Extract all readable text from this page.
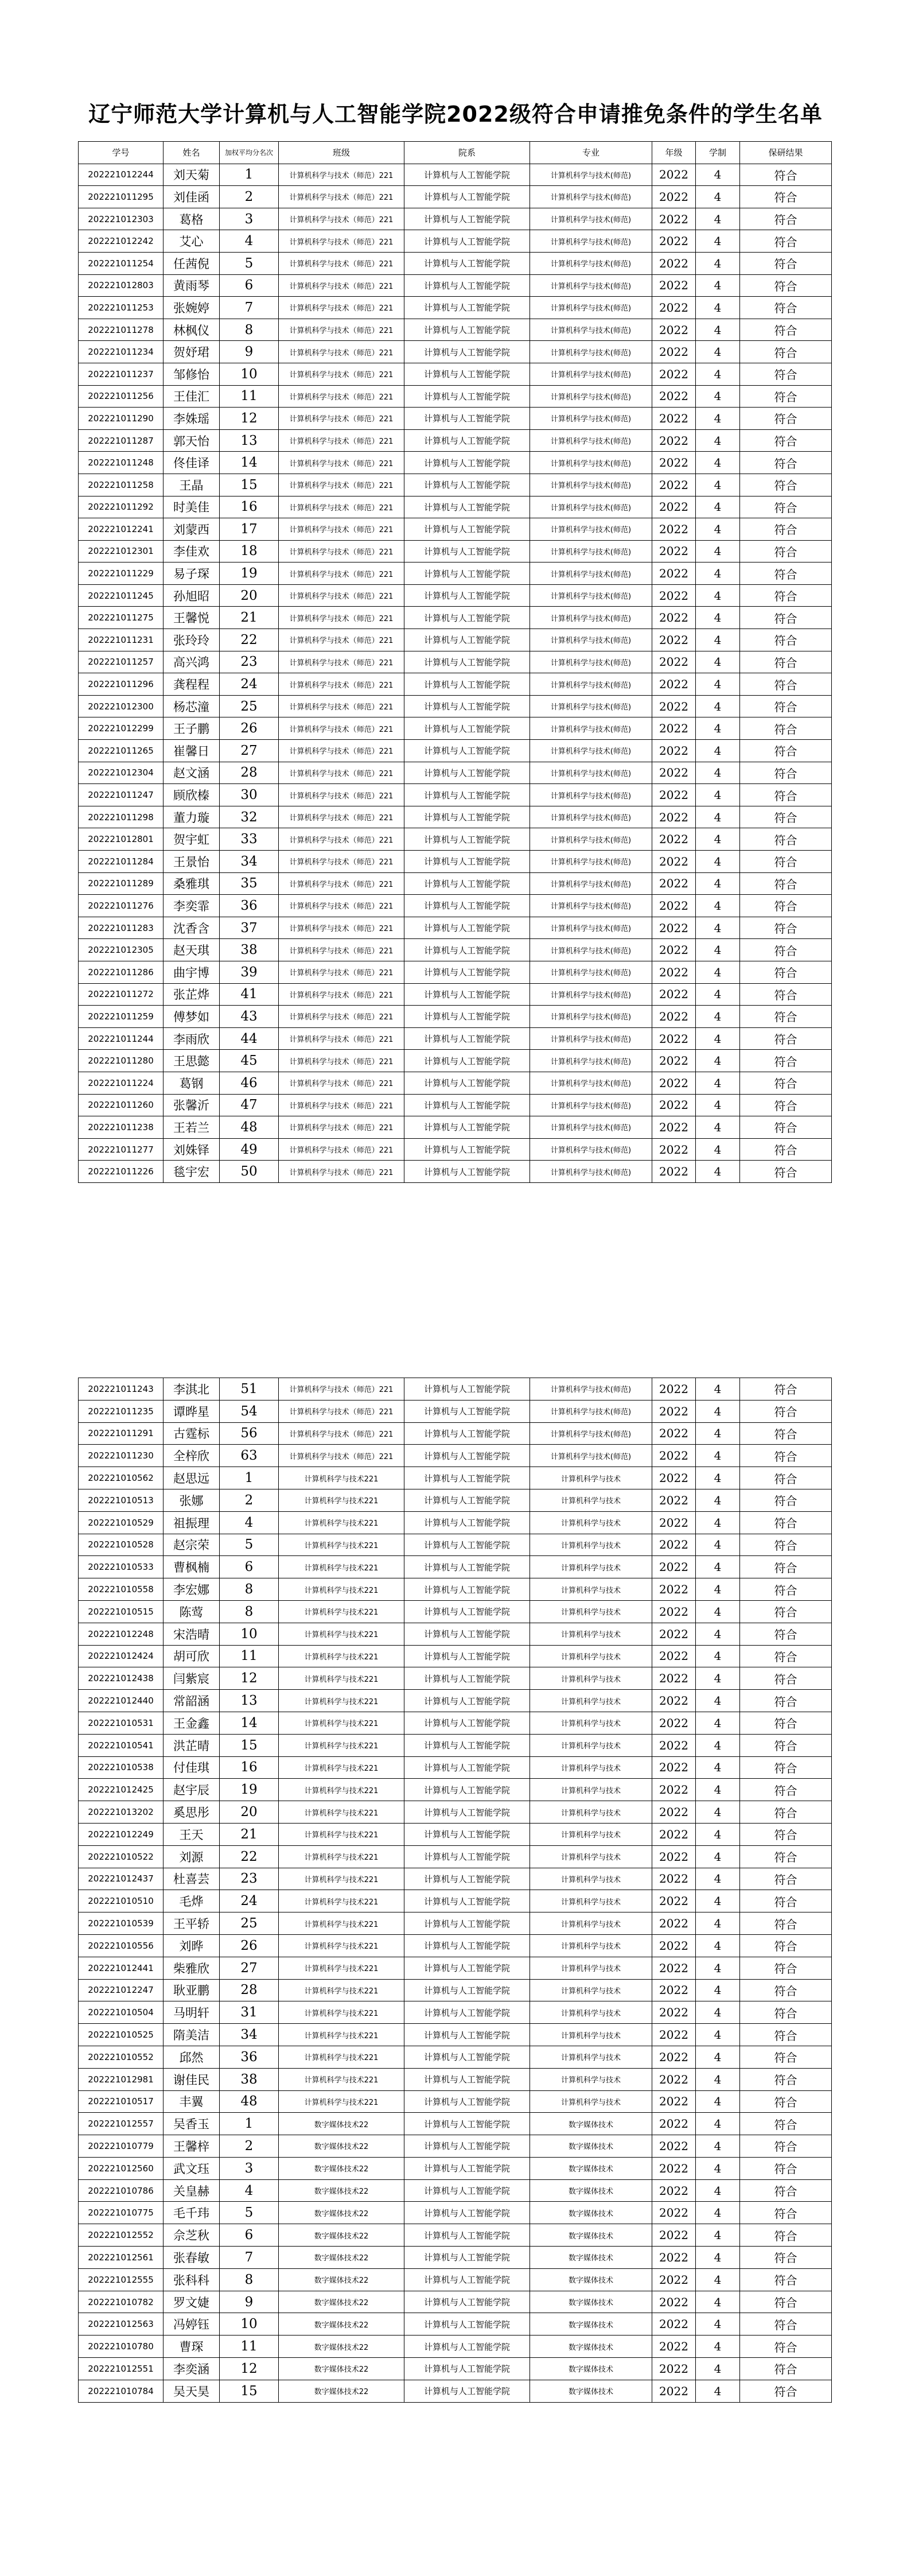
辽宁师范大学计算机与人工智能学院2022级符合申请推免条件的学生名单
学号	姓名	加权平均分名次	班级	院系	专业	年级	学制	保研结果
202221012244	刘天菊	1	计算机科学与技术（师范）221	计算机与人工智能学院	计算机科学与技术(师范)	2022	4	符合
202221011295	刘佳函	2	计算机科学与技术（师范）221	计算机与人工智能学院	计算机科学与技术(师范)	2022	4	符合
202221012303	葛格	3	计算机科学与技术（师范）221	计算机与人工智能学院	计算机科学与技术(师范)	2022	4	符合
202221012242	艾心	4	计算机科学与技术（师范）221	计算机与人工智能学院	计算机科学与技术(师范)	2022	4	符合
202221011254	任茜倪	5	计算机科学与技术（师范）221	计算机与人工智能学院	计算机科学与技术(师范)	2022	4	符合
202221012803	黄雨琴	6	计算机科学与技术（师范）221	计算机与人工智能学院	计算机科学与技术(师范)	2022	4	符合
202221011253	张婉婷	7	计算机科学与技术（师范）221	计算机与人工智能学院	计算机科学与技术(师范)	2022	4	符合
202221011278	林枫仪	8	计算机科学与技术（师范）221	计算机与人工智能学院	计算机科学与技术(师范)	2022	4	符合
202221011234	贺妤珺	9	计算机科学与技术（师范）221	计算机与人工智能学院	计算机科学与技术(师范)	2022	4	符合
202221011237	邹修怡	10	计算机科学与技术（师范）221	计算机与人工智能学院	计算机科学与技术(师范)	2022	4	符合
202221011256	王佳汇	11	计算机科学与技术（师范）221	计算机与人工智能学院	计算机科学与技术(师范)	2022	4	符合
202221011290	李姝瑶	12	计算机科学与技术（师范）221	计算机与人工智能学院	计算机科学与技术(师范)	2022	4	符合
202221011287	郭天怡	13	计算机科学与技术（师范）221	计算机与人工智能学院	计算机科学与技术(师范)	2022	4	符合
202221011248	佟佳译	14	计算机科学与技术（师范）221	计算机与人工智能学院	计算机科学与技术(师范)	2022	4	符合
202221011258	王晶	15	计算机科学与技术（师范）221	计算机与人工智能学院	计算机科学与技术(师范)	2022	4	符合
202221011292	时美佳	16	计算机科学与技术（师范）221	计算机与人工智能学院	计算机科学与技术(师范)	2022	4	符合
202221012241	刘蒙西	17	计算机科学与技术（师范）221	计算机与人工智能学院	计算机科学与技术(师范)	2022	4	符合
202221012301	李佳欢	18	计算机科学与技术（师范）221	计算机与人工智能学院	计算机科学与技术(师范)	2022	4	符合
202221011229	易子琛	19	计算机科学与技术（师范）221	计算机与人工智能学院	计算机科学与技术(师范)	2022	4	符合
202221011245	孙旭昭	20	计算机科学与技术（师范）221	计算机与人工智能学院	计算机科学与技术(师范)	2022	4	符合
202221011275	王馨悦	21	计算机科学与技术（师范）221	计算机与人工智能学院	计算机科学与技术(师范)	2022	4	符合
202221011231	张玲玲	22	计算机科学与技术（师范）221	计算机与人工智能学院	计算机科学与技术(师范)	2022	4	符合
202221011257	高兴鸿	23	计算机科学与技术（师范）221	计算机与人工智能学院	计算机科学与技术(师范)	2022	4	符合
202221011296	龚程程	24	计算机科学与技术（师范）221	计算机与人工智能学院	计算机科学与技术(师范)	2022	4	符合
202221012300	杨芯潼	25	计算机科学与技术（师范）221	计算机与人工智能学院	计算机科学与技术(师范)	2022	4	符合
202221012299	王子鹏	26	计算机科学与技术（师范）221	计算机与人工智能学院	计算机科学与技术(师范)	2022	4	符合
202221011265	崔馨日	27	计算机科学与技术（师范）221	计算机与人工智能学院	计算机科学与技术(师范)	2022	4	符合
202221012304	赵文涵	28	计算机科学与技术（师范）221	计算机与人工智能学院	计算机科学与技术(师范)	2022	4	符合
202221011247	顾欣榛	30	计算机科学与技术（师范）221	计算机与人工智能学院	计算机科学与技术(师范)	2022	4	符合
202221011298	董力璇	32	计算机科学与技术（师范）221	计算机与人工智能学院	计算机科学与技术(师范)	2022	4	符合
202221012801	贺宇虹	33	计算机科学与技术（师范）221	计算机与人工智能学院	计算机科学与技术(师范)	2022	4	符合
202221011284	王景怡	34	计算机科学与技术（师范）221	计算机与人工智能学院	计算机科学与技术(师范)	2022	4	符合
202221011289	桑雅琪	35	计算机科学与技术（师范）221	计算机与人工智能学院	计算机科学与技术(师范)	2022	4	符合
202221011276	李奕霏	36	计算机科学与技术（师范）221	计算机与人工智能学院	计算机科学与技术(师范)	2022	4	符合
202221011283	沈香含	37	计算机科学与技术（师范）221	计算机与人工智能学院	计算机科学与技术(师范)	2022	4	符合
202221012305	赵天琪	38	计算机科学与技术（师范）221	计算机与人工智能学院	计算机科学与技术(师范)	2022	4	符合
202221011286	曲宇博	39	计算机科学与技术（师范）221	计算机与人工智能学院	计算机科学与技术(师范)	2022	4	符合
202221011272	张芷烨	41	计算机科学与技术（师范）221	计算机与人工智能学院	计算机科学与技术(师范)	2022	4	符合
202221011259	傅梦如	43	计算机科学与技术（师范）221	计算机与人工智能学院	计算机科学与技术(师范)	2022	4	符合
202221011244	李雨欣	44	计算机科学与技术（师范）221	计算机与人工智能学院	计算机科学与技术(师范)	2022	4	符合
202221011280	王思懿	45	计算机科学与技术（师范）221	计算机与人工智能学院	计算机科学与技术(师范)	2022	4	符合
202221011224	葛钢	46	计算机科学与技术（师范）221	计算机与人工智能学院	计算机科学与技术(师范)	2022	4	符合
202221011260	张馨沂	47	计算机科学与技术（师范）221	计算机与人工智能学院	计算机科学与技术(师范)	2022	4	符合
202221011238	王若兰	48	计算机科学与技术（师范）221	计算机与人工智能学院	计算机科学与技术(师范)	2022	4	符合
202221011277	刘姝铎	49	计算机科学与技术（师范）221	计算机与人工智能学院	计算机科学与技术(师范)	2022	4	符合
202221011226	毯宇宏	50	计算机科学与技术（师范）221	计算机与人工智能学院	计算机科学与技术(师范)	2022	4	符合
202221011243	李淇北	51	计算机科学与技术（师范）221	计算机与人工智能学院	计算机科学与技术(师范)	2022	4	符合
202221011235	谭晔星	54	计算机科学与技术（师范）221	计算机与人工智能学院	计算机科学与技术(师范)	2022	4	符合
202221011291	古霆标	56	计算机科学与技术（师范）221	计算机与人工智能学院	计算机科学与技术(师范)	2022	4	符合
202221011230	全梓欣	63	计算机科学与技术（师范）221	计算机与人工智能学院	计算机科学与技术(师范)	2022	4	符合
202221010562	赵思远	1	计算机科学与技术221	计算机与人工智能学院	计算机科学与技术	2022	4	符合
202221010513	张娜	2	计算机科学与技术221	计算机与人工智能学院	计算机科学与技术	2022	4	符合
202221010529	祖振理	4	计算机科学与技术221	计算机与人工智能学院	计算机科学与技术	2022	4	符合
202221010528	赵宗荣	5	计算机科学与技术221	计算机与人工智能学院	计算机科学与技术	2022	4	符合
202221010533	曹枫楠	6	计算机科学与技术221	计算机与人工智能学院	计算机科学与技术	2022	4	符合
202221010558	李宏娜	8	计算机科学与技术221	计算机与人工智能学院	计算机科学与技术	2022	4	符合
202221010515	陈莺	8	计算机科学与技术221	计算机与人工智能学院	计算机科学与技术	2022	4	符合
202221012248	宋浩晴	10	计算机科学与技术221	计算机与人工智能学院	计算机科学与技术	2022	4	符合
202221012424	胡可欣	11	计算机科学与技术221	计算机与人工智能学院	计算机科学与技术	2022	4	符合
202221012438	闫紫宸	12	计算机科学与技术221	计算机与人工智能学院	计算机科学与技术	2022	4	符合
202221012440	常韶涵	13	计算机科学与技术221	计算机与人工智能学院	计算机科学与技术	2022	4	符合
202221010531	王金鑫	14	计算机科学与技术221	计算机与人工智能学院	计算机科学与技术	2022	4	符合
202221010541	洪芷晴	15	计算机科学与技术221	计算机与人工智能学院	计算机科学与技术	2022	4	符合
202221010538	付佳琪	16	计算机科学与技术221	计算机与人工智能学院	计算机科学与技术	2022	4	符合
202221012425	赵宇辰	19	计算机科学与技术221	计算机与人工智能学院	计算机科学与技术	2022	4	符合
202221013202	奚思彤	20	计算机科学与技术221	计算机与人工智能学院	计算机科学与技术	2022	4	符合
202221012249	王天	21	计算机科学与技术221	计算机与人工智能学院	计算机科学与技术	2022	4	符合
202221010522	刘源	22	计算机科学与技术221	计算机与人工智能学院	计算机科学与技术	2022	4	符合
202221012437	杜喜芸	23	计算机科学与技术221	计算机与人工智能学院	计算机科学与技术	2022	4	符合
202221010510	毛烨	24	计算机科学与技术221	计算机与人工智能学院	计算机科学与技术	2022	4	符合
202221010539	王平轿	25	计算机科学与技术221	计算机与人工智能学院	计算机科学与技术	2022	4	符合
202221010556	刘晔	26	计算机科学与技术221	计算机与人工智能学院	计算机科学与技术	2022	4	符合
202221012441	柴雅欣	27	计算机科学与技术221	计算机与人工智能学院	计算机科学与技术	2022	4	符合
202221012247	耿亚鹏	28	计算机科学与技术221	计算机与人工智能学院	计算机科学与技术	2022	4	符合
202221010504	马明轩	31	计算机科学与技术221	计算机与人工智能学院	计算机科学与技术	2022	4	符合
202221010525	隋美洁	34	计算机科学与技术221	计算机与人工智能学院	计算机科学与技术	2022	4	符合
202221010552	邱然	36	计算机科学与技术221	计算机与人工智能学院	计算机科学与技术	2022	4	符合
202221012981	谢佳民	38	计算机科学与技术221	计算机与人工智能学院	计算机科学与技术	2022	4	符合
202221010517	丰翼	48	计算机科学与技术221	计算机与人工智能学院	计算机科学与技术	2022	4	符合
202221012557	吴香玉	1	数字媒体技术22	计算机与人工智能学院	数字媒体技术	2022	4	符合
202221010779	王馨梓	2	数字媒体技术22	计算机与人工智能学院	数字媒体技术	2022	4	符合
202221012560	武文珏	3	数字媒体技术22	计算机与人工智能学院	数字媒体技术	2022	4	符合
202221010786	关皇赫	4	数字媒体技术22	计算机与人工智能学院	数字媒体技术	2022	4	符合
202221010775	毛千玮	5	数字媒体技术22	计算机与人工智能学院	数字媒体技术	2022	4	符合
202221012552	佘芝秋	6	数字媒体技术22	计算机与人工智能学院	数字媒体技术	2022	4	符合
202221012561	张春敏	7	数字媒体技术22	计算机与人工智能学院	数字媒体技术	2022	4	符合
202221012555	张科科	8	数字媒体技术22	计算机与人工智能学院	数字媒体技术	2022	4	符合
202221010782	罗文婕	9	数字媒体技术22	计算机与人工智能学院	数字媒体技术	2022	4	符合
202221012563	冯婷钰	10	数字媒体技术22	计算机与人工智能学院	数字媒体技术	2022	4	符合
202221010780	曹琛	11	数字媒体技术22	计算机与人工智能学院	数字媒体技术	2022	4	符合
202221012551	李奕涵	12	数字媒体技术22	计算机与人工智能学院	数字媒体技术	2022	4	符合
202221010784	吴天昊	15	数字媒体技术22	计算机与人工智能学院	数字媒体技术	2022	4	符合
